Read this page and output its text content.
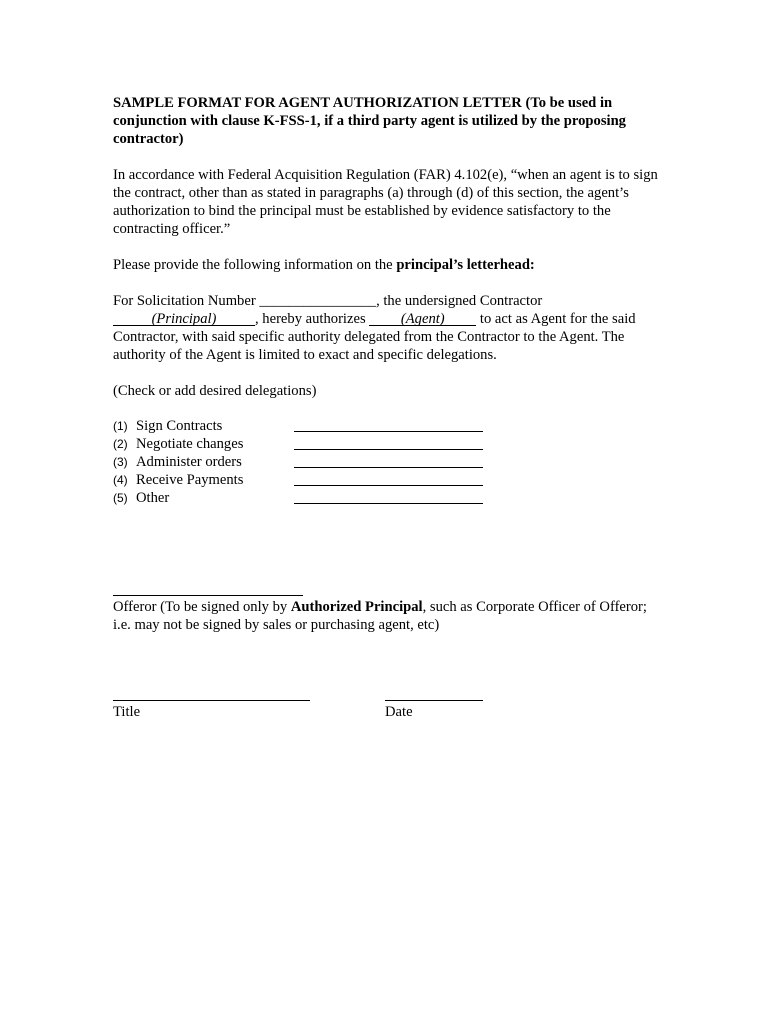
SAMPLE FORMAT FOR AGENT AUTHORIZATION LETTER (To be used in conjunction with clause K-FSS-1, if a third party agent is utilized by the proposing contractor)

In accordance with Federal Acquisition Regulation (FAR) 4.102(e), “when an agent is to sign the contract, other than as stated in paragraphs (a) through (d) of this section, the agent’s authorization to bind the principal must be established by evidence satisfactory to the contracting officer.”

Please provide the following information on the principal’s letterhead:

For Solicitation Number ________________, the undersigned Contractor
(Principal)	, hereby authorizes (Agent) to act as Agent for the said Contractor, with said specific authority delegated from the Contractor to the Agent. The authority of the Agent is limited to exact and specific delegations.

(Check or add desired delegations)

(1) Sign Contracts
(2) Negotiate changes
(3) Administer orders
(4) Receive Payments
(5) Other

Offeror (To be signed only by Authorized Principal, such as Corporate Officer of Offeror; i.e. may not be signed by sales or purchasing agent, etc)

Title	Date
